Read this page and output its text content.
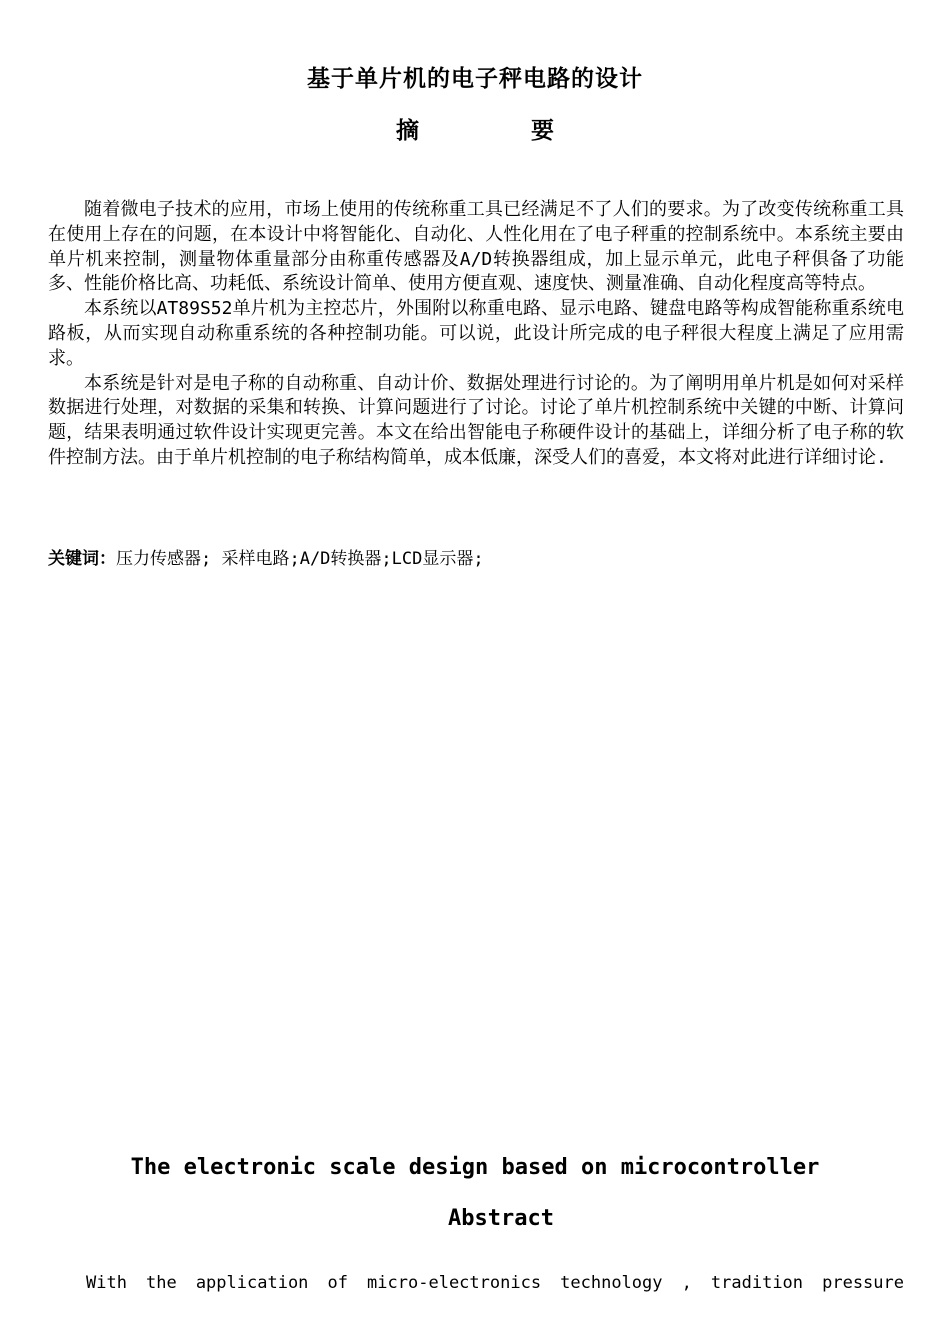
基于单片机的电子秤电路的设计
摘 要

随着微电子技术的应用，市场上使用的传统称重工具已经满足不了人们的要求。为了改变传统称重工具在使用上存在的问题，在本设计中将智能化、自动化、人性化用在了电子秤重的控制系统中。本系统主要由单片机来控制，测量物体重量部分由称重传感器及A/D转换器组成，加上显示单元，此电子秤俱备了功能多、性能价格比高、功耗低、系统设计简单、使用方便直观、速度快、测量准确、自动化程度高等特点。

本系统以AT89S52单片机为主控芯片，外围附以称重电路、显示电路、键盘电路等构成智能称重系统电路板，从而实现自动称重系统的各种控制功能。可以说，此设计所完成的电子秤很大程度上满足了应用需求。

本系统是针对是电子称的自动称重、自动计价、数据处理进行讨论的。为了阐明用单片机是如何对采样数据进行处理，对数据的采集和转换、计算问题进行了讨论。讨论了单片机控制系统中关键的中断、计算问题，结果表明通过软件设计实现更完善。本文在给出智能电子称硬件设计的基础上，详细分析了电子称的软件控制方法。由于单片机控制的电子称结构简单，成本低廉，深受人们的喜爱，本文将对此进行详细讨论.

关键词：压力传感器; 采样电路;A/D转换器;LCD显示器;
The electronic scale design based on microcontroller
Abstract
With the application of micro-electronics technology , tradition pressure
